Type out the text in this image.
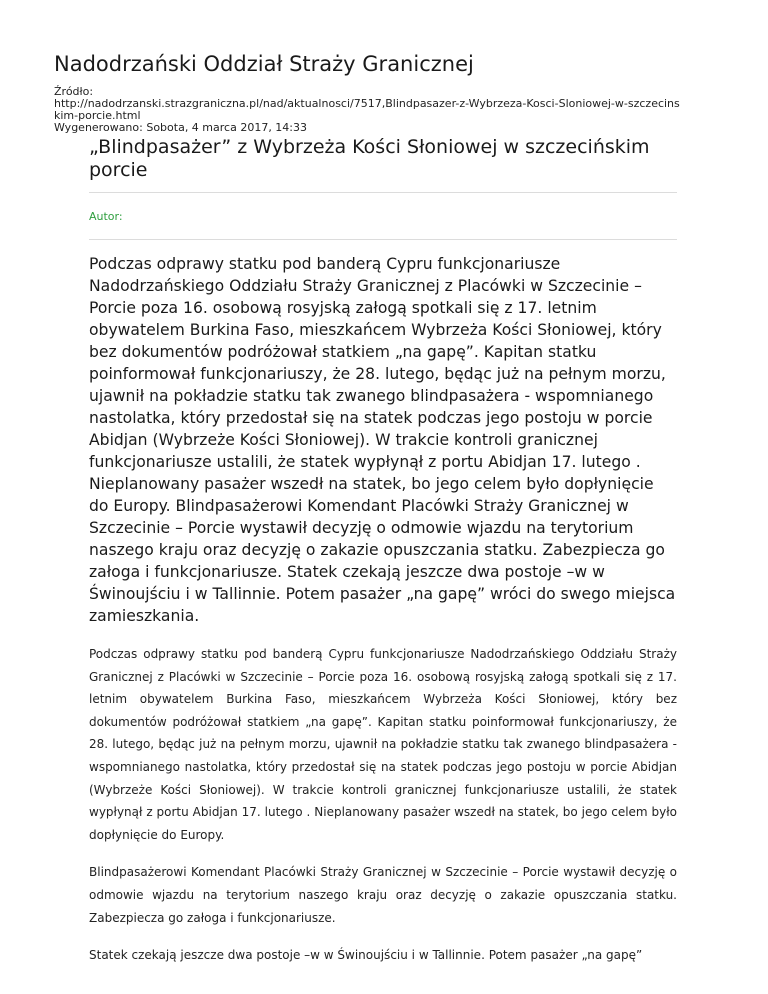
Nadodrzański Oddział Straży Granicznej
Źródło:
http://nadodrzanski.strazgraniczna.pl/nad/aktualnosci/7517,Blindpasazer-z-Wybrzeza-Kosci-Sloniowej-w-szczecins
kim-porcie.html
Wygenerowano: Sobota, 4 marca 2017, 14:33
„Blindpasażer” z Wybrzeża Kości Słoniowej w szczecińskim porcie
Autor:
Podczas odprawy statku pod banderą Cypru funkcjonariusze Nadodrzańskiego Oddziału Straży Granicznej z Placówki w Szczecinie – Porcie poza 16. osobową rosyjską załogą spotkali się z 17. letnim obywatelem Burkina Faso, mieszkańcem Wybrzeża Kości Słoniowej, który bez dokumentów podróżował statkiem „na gapę”. Kapitan statku poinformował funkcjonariuszy, że 28. lutego, będąc już na pełnym morzu, ujawnił na pokładzie statku tak zwanego blindpasażera - wspomnianego nastolatka, który przedostał się na statek podczas jego postoju w porcie Abidjan (Wybrzeże Kości Słoniowej). W trakcie kontroli granicznej funkcjonariusze ustalili, że statek wypłynął z portu Abidjan 17. lutego . Nieplanowany pasażer wszedł na statek, bo jego celem było dopłynięcie do Europy. Blindpasażerowi Komendant Placówki Straży Granicznej w Szczecinie – Porcie wystawił decyzję o odmowie wjazdu na terytorium naszego kraju oraz decyzję o zakazie opuszczania statku. Zabezpiecza go załoga i funkcjonariusze. Statek czekają jeszcze dwa postoje –w w Świnoujściu i w Tallinnie. Potem pasażer „na gapę” wróci do swego miejsca zamieszkania.

Podczas odprawy statku pod banderą Cypru funkcjonariusze Nadodrzańskiego Oddziału Straży Granicznej z Placówki w Szczecinie – Porcie poza 16. osobową rosyjską załogą spotkali się z 17. letnim obywatelem Burkina Faso, mieszkańcem Wybrzeża Kości Słoniowej, który bez dokumentów podróżował statkiem „na gapę”. Kapitan statku poinformował funkcjonariuszy, że 28. lutego, będąc już na pełnym morzu, ujawnił na pokładzie statku tak zwanego blindpasażera - wspomnianego nastolatka, który przedostał się na statek podczas jego postoju w porcie Abidjan (Wybrzeże Kości Słoniowej). W trakcie kontroli granicznej funkcjonariusze ustalili, że statek wypłynął z portu Abidjan 17. lutego . Nieplanowany pasażer wszedł na statek, bo jego celem było dopłynięcie do Europy.

Blindpasażerowi Komendant Placówki Straży Granicznej w Szczecinie – Porcie wystawił decyzję o odmowie wjazdu na terytorium naszego kraju oraz decyzję o zakazie opuszczania statku. Zabezpiecza go załoga i funkcjonariusze.

Statek czekają jeszcze dwa postoje –w w Świnoujściu i w Tallinnie. Potem pasażer „na gapę”
